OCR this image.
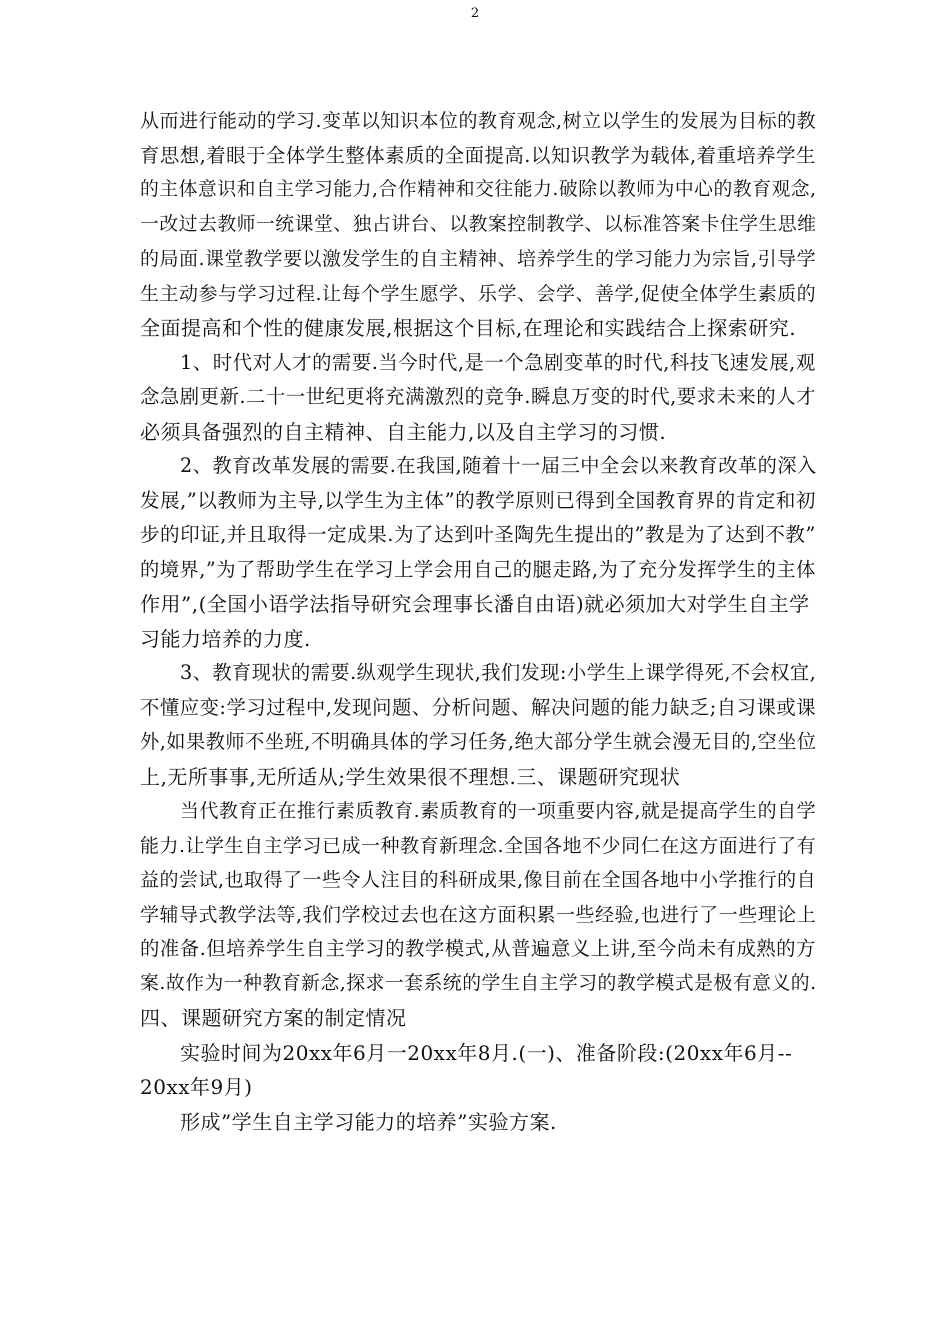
2
从而进行能动的学习.变革以知识本位的教育观念,树立以学生的发展为目标的教
育思想,着眼于全体学生整体素质的全面提高.以知识教学为载体,着重培养学生
的主体意识和自主学习能力,合作精神和交往能力.破除以教师为中心的教育观念,
一改过去教师一统课堂、独占讲台、以教案控制教学、以标准答案卡住学生思维
的局面.课堂教学要以激发学生的自主精神、培养学生的学习能力为宗旨,引导学
生主动参与学习过程.让每个学生愿学、乐学、会学、善学,促使全体学生素质的
全面提高和个性的健康发展,根据这个目标,在理论和实践结合上探索研究.
1、时代对人才的需要.当今时代,是一个急剧变革的时代,科技飞速发展,观
念急剧更新.二十一世纪更将充满激烈的竞争.瞬息万变的时代,要求未来的人才
必须具备强烈的自主精神、自主能力,以及自主学习的习惯.
2、教育改革发展的需要.在我国,随着十一届三中全会以来教育改革的深入
发展,”以教师为主导,以学生为主体”的教学原则已得到全国教育界的肯定和初
步的印证,并且取得一定成果.为了达到叶圣陶先生提出的”教是为了达到不教”
的境界,”为了帮助学生在学习上学会用自己的腿走路,为了充分发挥学生的主体
作用”,(全国小语学法指导研究会理事长潘自由语)就必须加大对学生自主学
习能力培养的力度.
3、教育现状的需要.纵观学生现状,我们发现:小学生上课学得死,不会权宜,
不懂应变:学习过程中,发现问题、分析问题、解决问题的能力缺乏;自习课或课
外,如果教师不坐班,不明确具体的学习任务,绝大部分学生就会漫无目的,空坐位
上,无所事事,无所适从;学生效果很不理想.三、课题研究现状
当代教育正在推行素质教育.素质教育的一项重要内容,就是提高学生的自学
能力.让学生自主学习已成一种教育新理念.全国各地不少同仁在这方面进行了有
益的尝试,也取得了一些令人注目的科研成果,像目前在全国各地中小学推行的自
学辅导式教学法等,我们学校过去也在这方面积累一些经验,也进行了一些理论上
的准备.但培养学生自主学习的教学模式,从普遍意义上讲,至今尚未有成熟的方
案.故作为一种教育新念,探求一套系统的学生自主学习的教学模式是极有意义的.
四、课题研究方案的制定情况
实验时间为20xx年6月一20xx年8月.(一)、准备阶段:(20xx年6月--
20xx年9月)
形成”学生自主学习能力的培养”实验方案.
